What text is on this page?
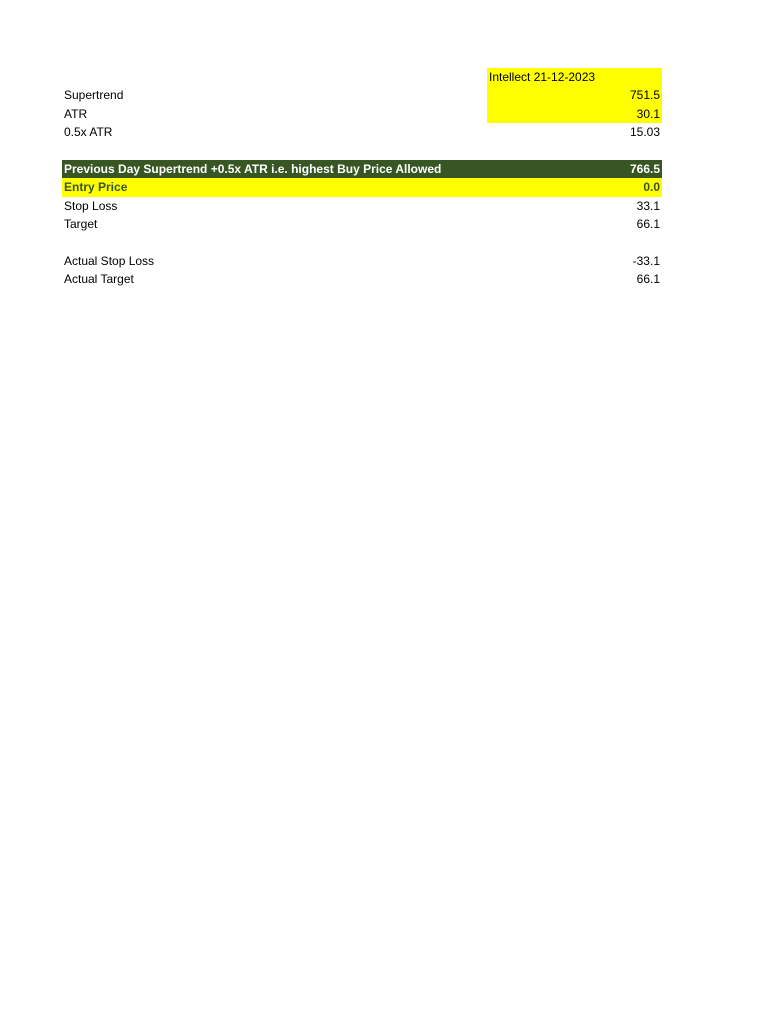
Intellect 21-12-2023
Supertrend	751.5
ATR	30.1
0.5x ATR	15.03
Previous Day Supertrend +0.5x ATR i.e. highest Buy Price Allowed	766.5
Entry Price	0.0
Stop Loss	33.1
Target	66.1
Actual Stop Loss	-33.1
Actual Target	66.1
